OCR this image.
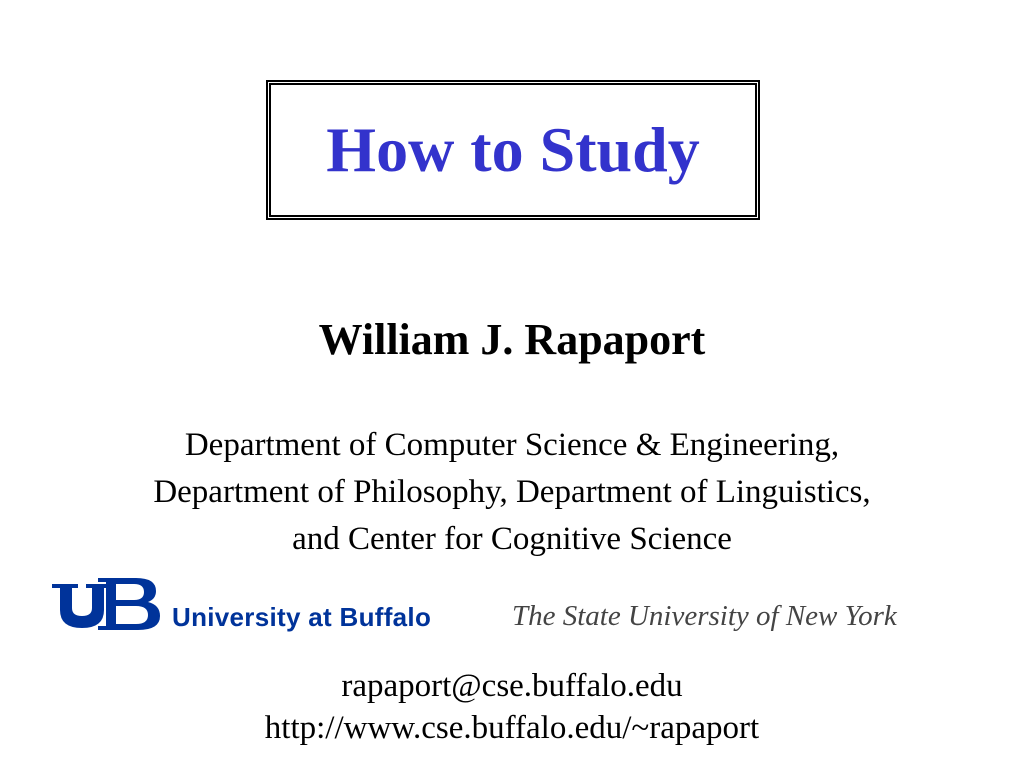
How to Study
William J. Rapaport
Department of Computer Science & Engineering,
Department of Philosophy, Department of Linguistics,
and Center for Cognitive Science
University at Buffalo	The State University of New York
rapaport@cse.buffalo.edu
http://www.cse.buffalo.edu/~rapaport
